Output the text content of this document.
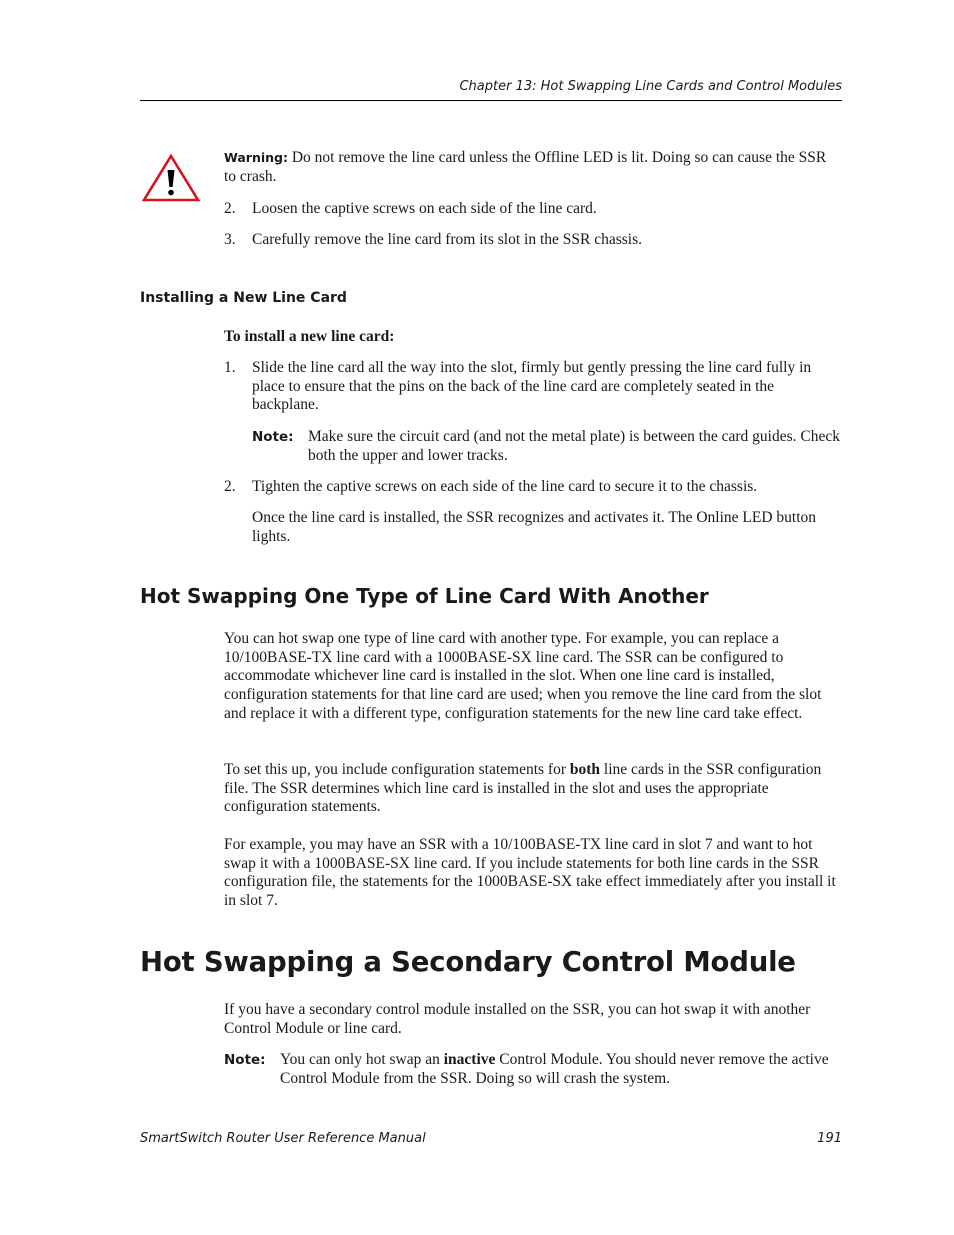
Chapter 13: Hot Swapping Line Cards and Control Modules

Warning: Do not remove the line card unless the Offline LED is lit. Doing so can cause the SSR to crash.

2. Loosen the captive screws on each side of the line card.

3. Carefully remove the line card from its slot in the SSR chassis.

Installing a New Line Card

To install a new line card:

1. Slide the line card all the way into the slot, firmly but gently pressing the line card fully in place to ensure that the pins on the back of the line card are completely seated in the backplane.

Note: Make sure the circuit card (and not the metal plate) is between the card guides. Check both the upper and lower tracks.

2. Tighten the captive screws on each side of the line card to secure it to the chassis.

Once the line card is installed, the SSR recognizes and activates it. The Online LED button lights.

Hot Swapping One Type of Line Card With Another

You can hot swap one type of line card with another type. For example, you can replace a 10/100BASE-TX line card with a 1000BASE-SX line card. The SSR can be configured to accommodate whichever line card is installed in the slot. When one line card is installed, configuration statements for that line card are used; when you remove the line card from the slot and replace it with a different type, configuration statements for the new line card take effect.

To set this up, you include configuration statements for both line cards in the SSR configuration file. The SSR determines which line card is installed in the slot and uses the appropriate configuration statements.

For example, you may have an SSR with a 10/100BASE-TX line card in slot 7 and want to hot swap it with a 1000BASE-SX line card. If you include statements for both line cards in the SSR configuration file, the statements for the 1000BASE-SX take effect immediately after you install it in slot 7.

Hot Swapping a Secondary Control Module

If you have a secondary control module installed on the SSR, you can hot swap it with another Control Module or line card.

Note: You can only hot swap an inactive Control Module. You should never remove the active Control Module from the SSR. Doing so will crash the system.

SmartSwitch Router User Reference Manual	191
